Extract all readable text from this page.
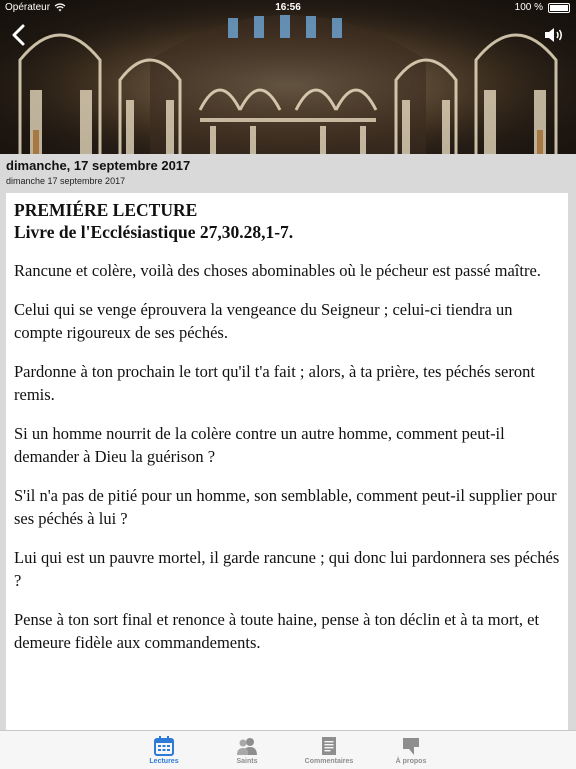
Opérateur	16:56	100 %
dimanche, 17 septembre 2017
dimanche 17 septembre 2017
PREMIÉRE LECTURE
Livre de l'Ecclésiastique 27,30.28,1-7.

Rancune et colère, voilà des choses abominables où le pécheur est passé maître.

Celui qui se venge éprouvera la vengeance du Seigneur ; celui-ci tiendra un compte rigoureux de ses péchés.

Pardonne à ton prochain le tort qu'il t'a fait ; alors, à ta prière, tes péchés seront remis.

Si un homme nourrit de la colère contre un autre homme, comment peut-il demander à Dieu la guérison ?

S'il n'a pas de pitié pour un homme, son semblable, comment peut-il supplier pour ses péchés à lui ?

Lui qui est un pauvre mortel, il garde rancune ; qui donc lui pardonnera ses péchés ?

Pense à ton sort final et renonce à toute haine, pense à ton déclin et à ta mort, et demeure fidèle aux commandements.

Lectures	Saints	Commentaires	À propos
